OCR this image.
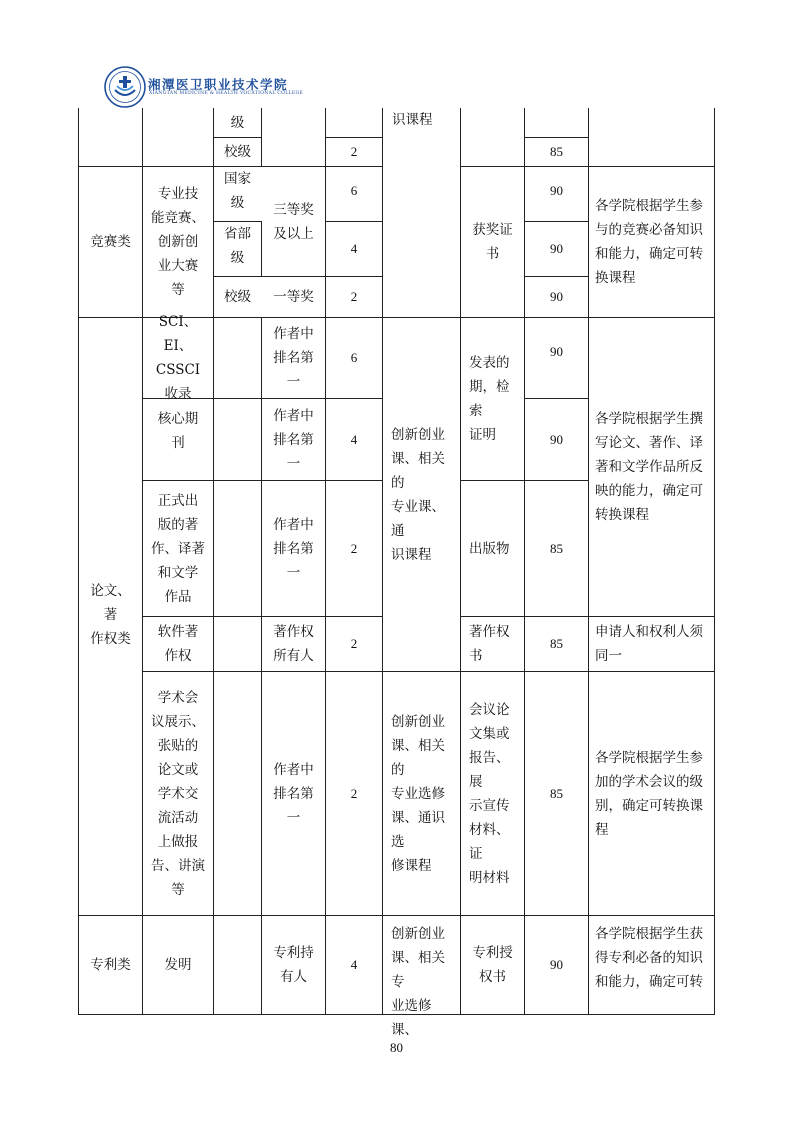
湘潭医卫职业技术学院
XIANGTAN MEDICINE & HEALTH VOCATIONAL COLLEGE
级
校级	2
识课程
85
竞赛类
专业技
能竞赛、
创新创
业大赛
等
国家
级
省部
级
校级
三等奖
及以上
一等奖
6
4
2
获奖证
书
90
90
90
各学院根据学生参与的竞赛必备知识和能力，确定可转换课程
论文、著
作权类
SCI、EI、
CSSCI
收录
核心期
刊
正式出
版的著
作、译著
和文学
作品
软件著
作权
学术会
议展示、
张贴的
论文或
学术交
流活动
上做报
告、讲演
等
作者中
排名第
一
作者中
排名第
一
作者中
排名第
一
著作权
所有人
作者中
排名第
一
6
4
2
2
2
创新创业
课、相关的
专业课、通
识课程
创新创业
课、相关的
专业选修
课、通识选
修课程
发表的
期，检索
证明
出版物
著作权
书
会议论
文集或
报告、展
示宣传
材料、证
明材料
90
90
85
85
85
各学院根据学生撰写论文、著作、译著和文学作品所反映的能力，确定可转换课程
申请人和权利人须同一
各学院根据学生参加的学术会议的级别，确定可转换课程
专利类	发明
专利持
有人
4
创新创业
课、相关专
业选修课、
专利授
权书
90
各学院根据学生获得专利必备的知识和能力，确定可转
80
